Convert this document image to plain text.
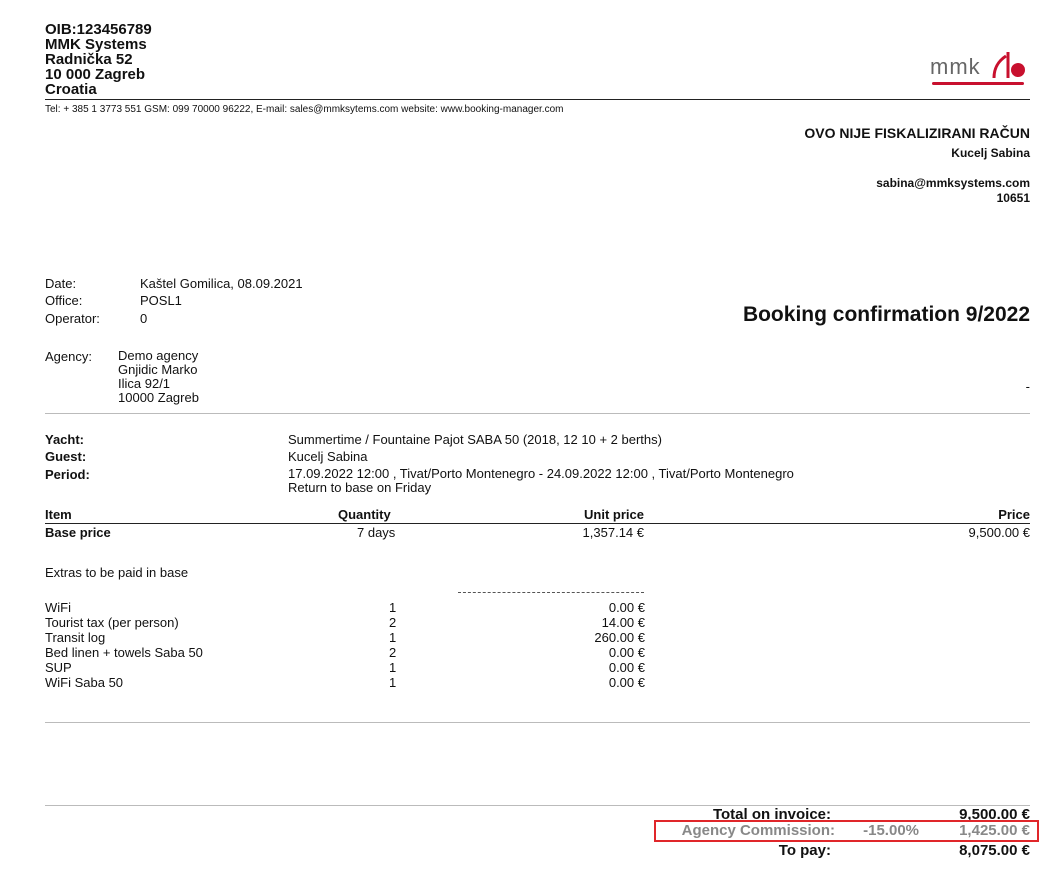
OIB:123456789
MMK Systems
Radnička 52
10 000 Zagreb
Croatia
mmk
Tel: + 385 1 3773 551 GSM: 099 70000 96222, E-mail: sales@mmksytems.com website: www.booking-manager.com
OVO NIJE FISKALIZIRANI RAČUN
Kucelj Sabina
sabina@mmksystems.com
10651
Date:	Kaštel Gomilica, 08.09.2021
Office:	POSL1
Operator:	0	Booking confirmation 9/2022
Agency: Demo agency
Gnjidic Marko
Ilica 92/1
10000 Zagreb
-
Yacht:	Summertime / Fountaine Pajot SABA 50 (2018, 12 10 + 2 berths)
Guest:	Kucelj Sabina
Period:	17.09.2022 12:00 , Tivat/Porto Montenegro - 24.09.2022 12:00 , Tivat/Porto Montenegro
Return to base on Friday
Item	Quantity	Unit price	Price
Base price	7 days	1,357.14 €	9,500.00 €
Extras to be paid in base
WiFi	1	0.00 €
Tourist tax (per person)	2	14.00 €
Transit log	1	260.00 €
Bed linen + towels Saba 50	2	0.00 €
SUP	1	0.00 €
WiFi Saba 50	1	0.00 €
Total on invoice:	9,500.00 €
Agency Commission: -15.00%	1,425.00 €
To pay:	8,075.00 €
